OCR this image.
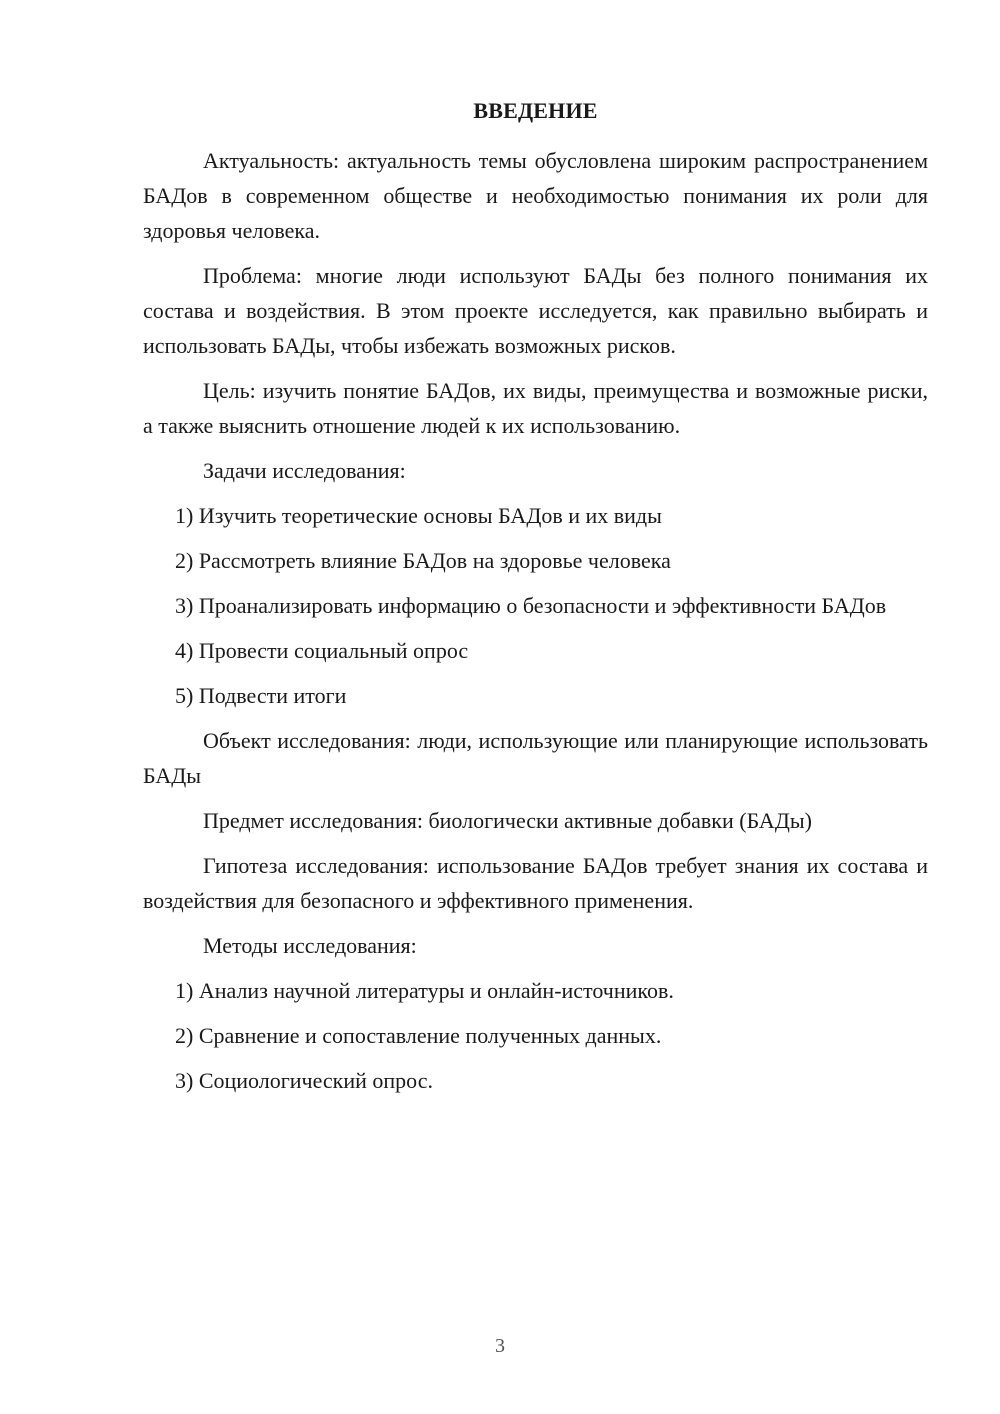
ВВЕДЕНИЕ

Актуальность: актуальность темы обусловлена широким распространением БАДов в современном обществе и необходимостью понимания их роли для здоровья человека.

Проблема: многие люди используют БАДы без полного понимания их состава и воздействия. В этом проекте исследуется, как правильно выбирать и использовать БАДы, чтобы избежать возможных рисков.

Цель: изучить понятие БАДов, их виды, преимущества и возможные риски, а также выяснить отношение людей к их использованию.

Задачи исследования:

1) Изучить теоретические основы БАДов и их виды

2) Рассмотреть влияние БАДов на здоровье человека

3) Проанализировать информацию о безопасности и эффективности БАДов

4) Провести социальный опрос

5) Подвести итоги

Объект исследования: люди, использующие или планирующие использовать БАДы

Предмет исследования: биологически активные добавки (БАДы)

Гипотеза исследования: использование БАДов требует знания их состава и воздействия для безопасного и эффективного применения.

Методы исследования:

1) Анализ научной литературы и онлайн-источников.

2) Сравнение и сопоставление полученных данных.

3) Социологический опрос.

3
